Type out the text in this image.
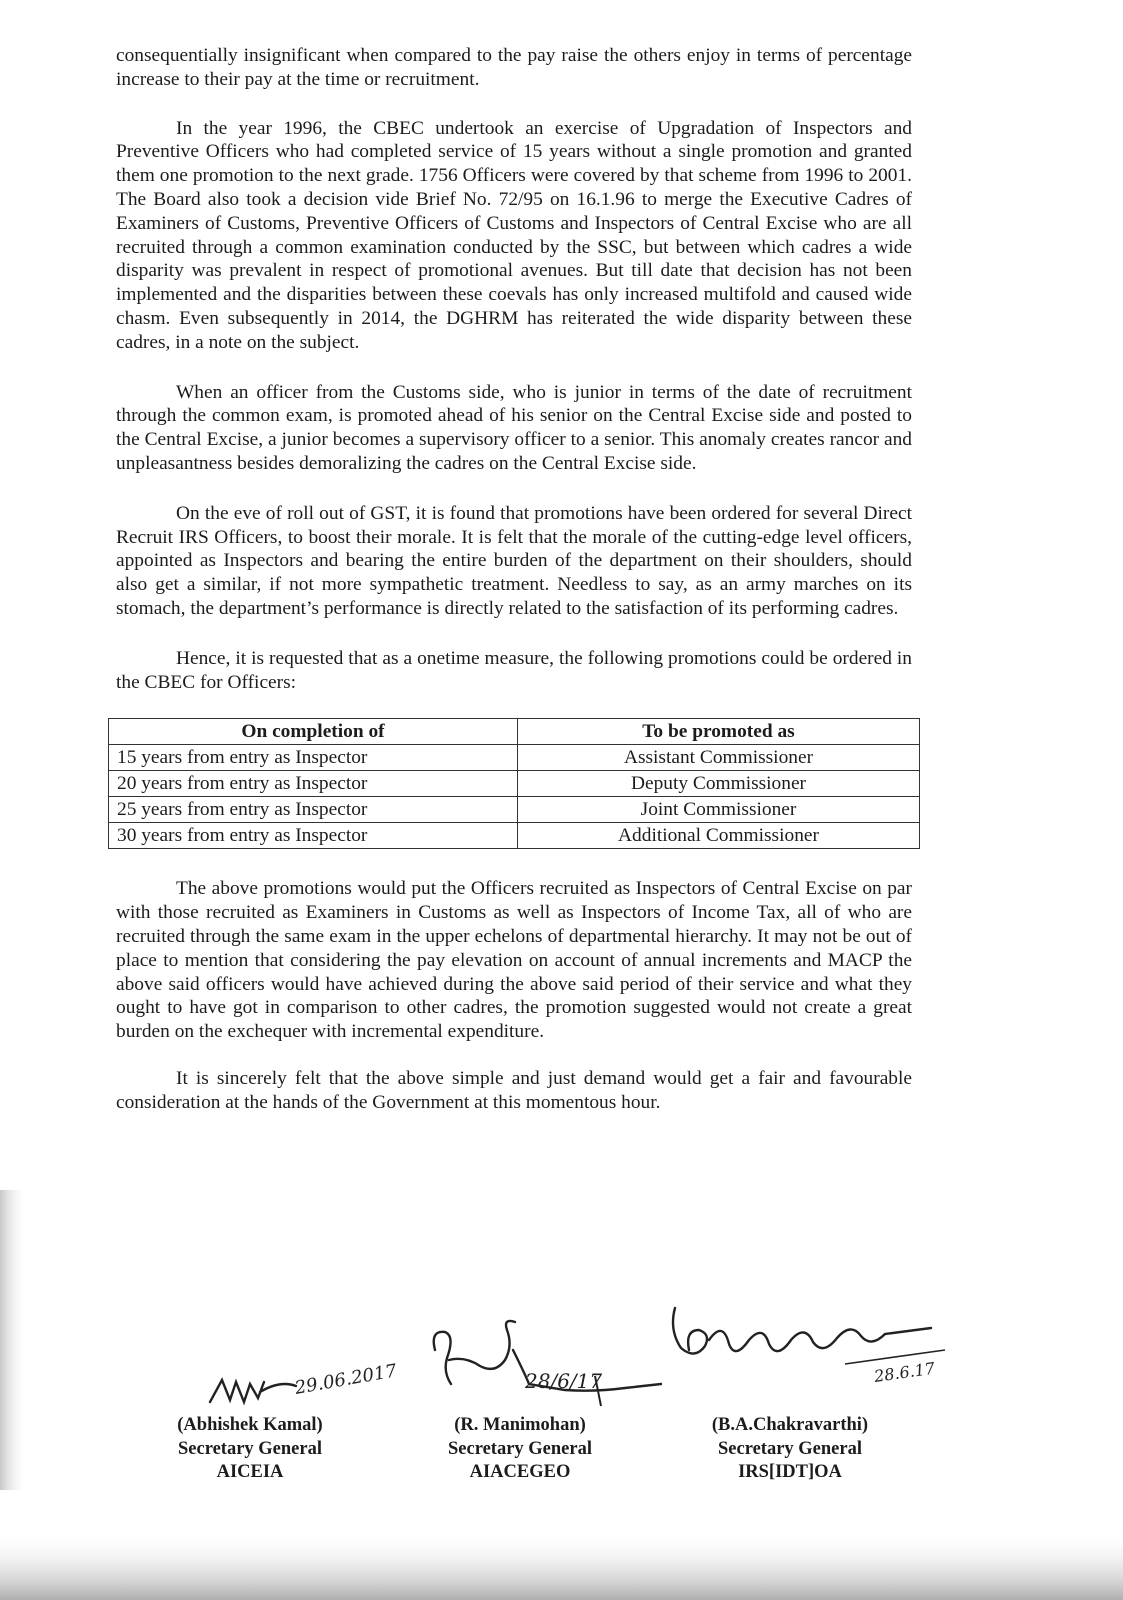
consequentially insignificant when compared to the pay raise the others enjoy in terms of percentage increase to their pay at the time or recruitment.

In the year 1996, the CBEC undertook an exercise of Upgradation of Inspectors and Preventive Officers who had completed service of 15 years without a single promotion and granted them one promotion to the next grade. 1756 Officers were covered by that scheme from 1996 to 2001. The Board also took a decision vide Brief No. 72/95 on 16.1.96 to merge the Executive Cadres of Examiners of Customs, Preventive Officers of Customs and Inspectors of Central Excise who are all recruited through a common examination conducted by the SSC, but between which cadres a wide disparity was prevalent in respect of promotional avenues. But till date that decision has not been implemented and the disparities between these coevals has only increased multifold and caused wide chasm. Even subsequently in 2014, the DGHRM has reiterated the wide disparity between these cadres, in a note on the subject.

When an officer from the Customs side, who is junior in terms of the date of recruitment through the common exam, is promoted ahead of his senior on the Central Excise side and posted to the Central Excise, a junior becomes a supervisory officer to a senior. This anomaly creates rancor and unpleasantness besides demoralizing the cadres on the Central Excise side.

On the eve of roll out of GST, it is found that promotions have been ordered for several Direct Recruit IRS Officers, to boost their morale. It is felt that the morale of the cutting-edge level officers, appointed as Inspectors and bearing the entire burden of the department on their shoulders, should also get a similar, if not more sympathetic treatment. Needless to say, as an army marches on its stomach, the department’s performance is directly related to the satisfaction of its performing cadres.

Hence, it is requested that as a onetime measure, the following promotions could be ordered in the CBEC for Officers:

On completion of	To be promoted as
15 years from entry as Inspector	Assistant Commissioner
20 years from entry as Inspector	Deputy Commissioner
25 years from entry as Inspector	Joint Commissioner
30 years from entry as Inspector	Additional Commissioner

The above promotions would put the Officers recruited as Inspectors of Central Excise on par with those recruited as Examiners in Customs as well as Inspectors of Income Tax, all of who are recruited through the same exam in the upper echelons of departmental hierarchy. It may not be out of place to mention that considering the pay elevation on account of annual increments and MACP the above said officers would have achieved during the above said period of their service and what they ought to have got in comparison to other cadres, the promotion suggested would not create a great burden on the exchequer with incremental expenditure.

It is sincerely felt that the above simple and just demand would get a fair and favourable consideration at the hands of the Government at this momentous hour.

29.06.2017	28/6/17	28.6.17
(Abhishek Kamal)
Secretary General
AICEIA
(R. Manimohan)
Secretary General
AIACEGEO
(B.A.Chakravarthi)
Secretary General
IRS[IDT]OA
